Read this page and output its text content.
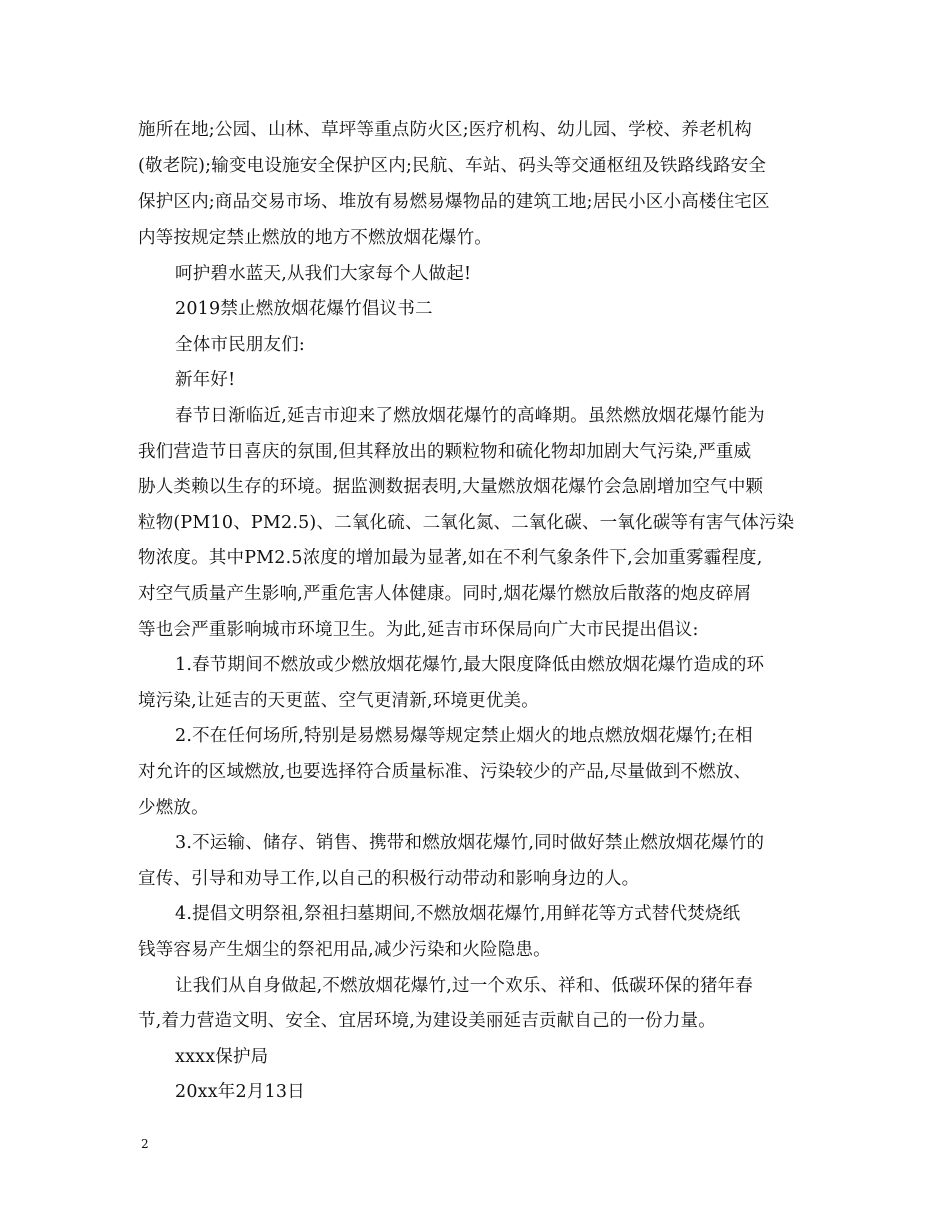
施所在地;公园、山林、草坪等重点防火区;医疗机构、幼儿园、学校、养老机构
(敬老院);输变电设施安全保护区内;民航、车站、码头等交通枢纽及铁路线路安全
保护区内;商品交易市场、堆放有易燃易爆物品的建筑工地;居民小区小高楼住宅区
内等按规定禁止燃放的地方不燃放烟花爆竹。
呵护碧水蓝天,从我们大家每个人做起!
2019禁止燃放烟花爆竹倡议书二
全体市民朋友们:
新年好!
春节日渐临近,延吉市迎来了燃放烟花爆竹的高峰期。虽然燃放烟花爆竹能为
我们营造节日喜庆的氛围,但其释放出的颗粒物和硫化物却加剧大气污染,严重威
胁人类赖以生存的环境。据监测数据表明,大量燃放烟花爆竹会急剧增加空气中颗
粒物(PM10、PM2.5)、二氧化硫、二氧化氮、二氧化碳、一氧化碳等有害气体污染
物浓度。其中PM2.5浓度的增加最为显著,如在不利气象条件下,会加重雾霾程度,
对空气质量产生影响,严重危害人体健康。同时,烟花爆竹燃放后散落的炮皮碎屑
等也会严重影响城市环境卫生。为此,延吉市环保局向广大市民提出倡议:
1.春节期间不燃放或少燃放烟花爆竹,最大限度降低由燃放烟花爆竹造成的环
境污染,让延吉的天更蓝、空气更清新,环境更优美。
2.不在任何场所,特别是易燃易爆等规定禁止烟火的地点燃放烟花爆竹;在相
对允许的区域燃放,也要选择符合质量标准、污染较少的产品,尽量做到不燃放、
少燃放。
3.不运输、储存、销售、携带和燃放烟花爆竹,同时做好禁止燃放烟花爆竹的
宣传、引导和劝导工作,以自己的积极行动带动和影响身边的人。
4.提倡文明祭祖,祭祖扫墓期间,不燃放烟花爆竹,用鲜花等方式替代焚烧纸
钱等容易产生烟尘的祭祀用品,减少污染和火险隐患。
让我们从自身做起,不燃放烟花爆竹,过一个欢乐、祥和、低碳环保的猪年春
节,着力营造文明、安全、宜居环境,为建设美丽延吉贡献自己的一份力量。
xxxx保护局
20xx年2月13日
2
